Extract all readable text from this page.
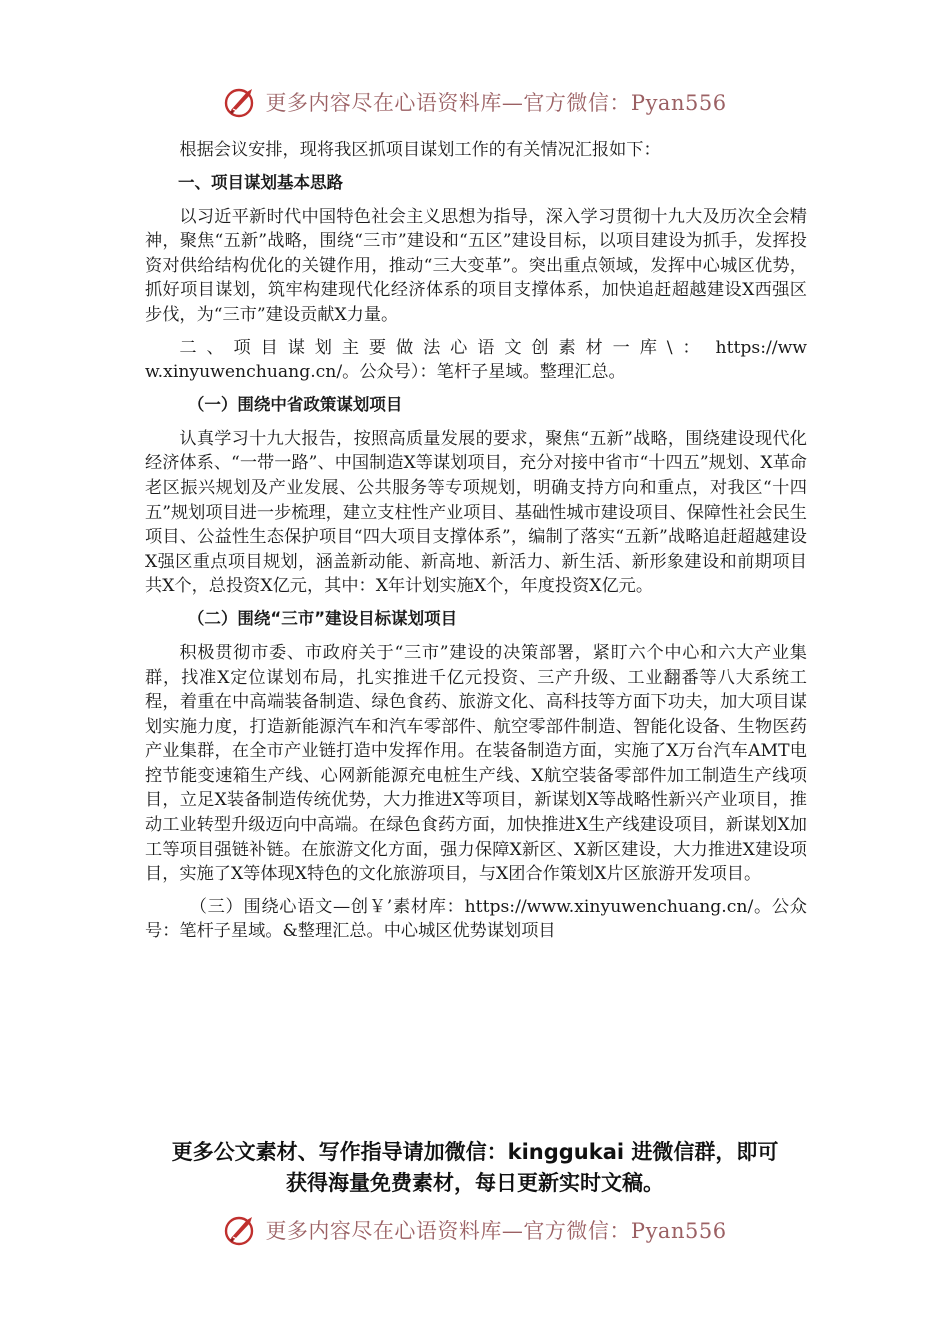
更多内容尽在心语资料库—官方微信：Pyan556

根据会议安排，现将我区抓项目谋划工作的有关情况汇报如下：

一、项目谋划基本思路

以习近平新时代中国特色社会主义思想为指导，深入学习贯彻十九大及历次全会精神，聚焦“五新”战略，围绕“三市”建设和“五区”建设目标，以项目建设为抓手，发挥投资对供给结构优化的关键作用，推动“三大变革”。突出重点领域，发挥中心城区优势，抓好项目谋划，筑牢构建现代化经济体系的项目支撑体系，加快追赶超越建设X西强区步伐，为“三市”建设贡献X力量。

二、项目谋划主要做法心语文创素材一库\： https://www.xinyuwenchuang.cn/。公众号）：笔杆子星域。整理汇总。

（一）围绕中省政策谋划项目

认真学习十九大报告，按照高质量发展的要求，聚焦“五新”战略，围绕建设现代化经济体系、“一带一路”、中国制造X等谋划项目，充分对接中省市“十四五”规划、X革命老区振兴规划及产业发展、公共服务等专项规划，明确支持方向和重点，对我区“十四五”规划项目进一步梳理，建立支柱性产业项目、基础性城市建设项目、保障性社会民生项目、公益性生态保护项目“四大项目支撑体系”，编制了落实“五新”战略追赶超越建设X强区重点项目规划，涵盖新动能、新高地、新活力、新生活、新形象建设和前期项目共X个，总投资X亿元，其中：X年计划实施X个，年度投资X亿元。

（二）围绕“三市”建设目标谋划项目

积极贯彻市委、市政府关于“三市”建设的决策部署，紧盯六个中心和六大产业集群，找准X定位谋划布局，扎实推进千亿元投资、三产升级、工业翻番等八大系统工程，着重在中高端装备制造、绿色食药、旅游文化、高科技等方面下功夫，加大项目谋划实施力度，打造新能源汽车和汽车零部件、航空零部件制造、智能化设备、生物医药产业集群，在全市产业链打造中发挥作用。在装备制造方面，实施了X万台汽车AMT电控节能变速箱生产线、心网新能源充电桩生产线、X航空装备零部件加工制造生产线项目，立足X装备制造传统优势，大力推进X等项目，新谋划X等战略性新兴产业项目，推动工业转型升级迈向中高端。在绿色食药方面，加快推进X生产线建设项目，新谋划X加工等项目强链补链。在旅游文化方面，强力保障X新区、X新区建设，大力推进X建设项目，实施了X等体现X特色的文化旅游项目，与X团合作策划X片区旅游开发项目。

（三）围绕心语文—创￥’素材库：https://www.xinyuwenchuang.cn/。公众号：笔杆子星域。&整理汇总。中心城区优势谋划项目

更多公文素材、写作指导请加微信：kinggukai 进微信群，即可
获得海量免费素材，每日更新实时文稿。
更多内容尽在心语资料库—官方微信：Pyan556
